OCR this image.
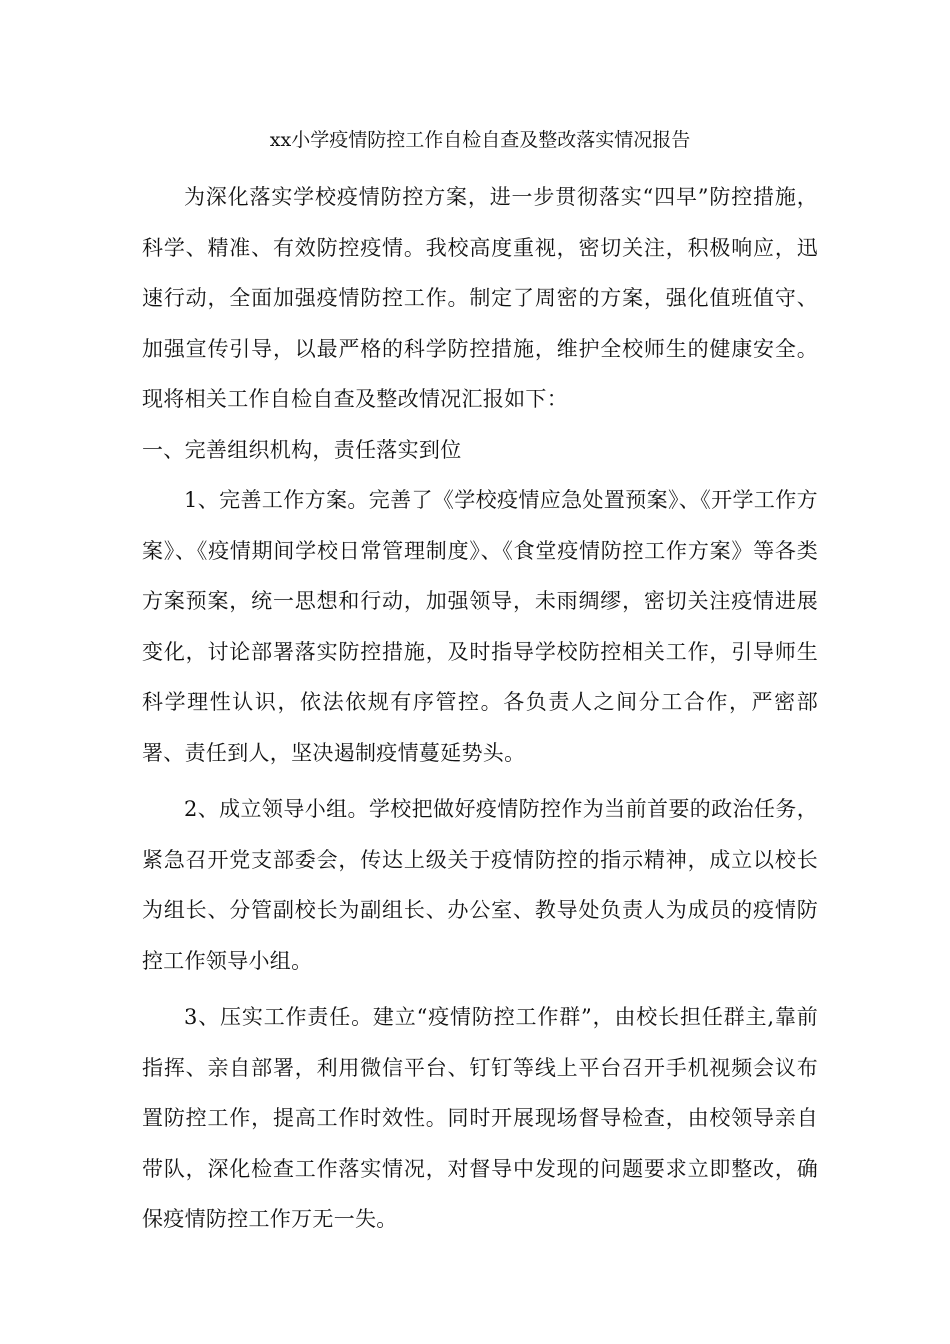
xx小学疫情防控工作自检自查及整改落实情况报告

为深化落实学校疫情防控方案，进一步贯彻落实“四早”防控措施，科学、精准、有效防控疫情。我校高度重视，密切关注，积极响应，迅速行动，全面加强疫情防控工作。制定了周密的方案，强化值班值守、加强宣传引导，以最严格的科学防控措施，维护全校师生的健康安全。现将相关工作自检自查及整改情况汇报如下：

一、完善组织机构，责任落实到位

1、完善工作方案。完善了《学校疫情应急处置预案》、《开学工作方案》、《疫情期间学校日常管理制度》、《食堂疫情防控工作方案》等各类方案预案，统一思想和行动，加强领导，未雨绸缪，密切关注疫情进展变化，讨论部署落实防控措施，及时指导学校防控相关工作，引导师生科学理性认识，依法依规有序管控。各负责人之间分工合作，严密部署、责任到人，坚决遏制疫情蔓延势头。

2、成立领导小组。学校把做好疫情防控作为当前首要的政治任务，紧急召开党支部委会，传达上级关于疫情防控的指示精神，成立以校长为组长、分管副校长为副组长、办公室、教导处负责人为成员的疫情防控工作领导小组。

3、压实工作责任。建立“疫情防控工作群”，由校长担任群主,靠前指挥、亲自部署，利用微信平台、钉钉等线上平台召开手机视频会议布置防控工作，提高工作时效性。同时开展现场督导检查，由校领导亲自带队，深化检查工作落实情况，对督导中发现的问题要求立即整改，确保疫情防控工作万无一失。
